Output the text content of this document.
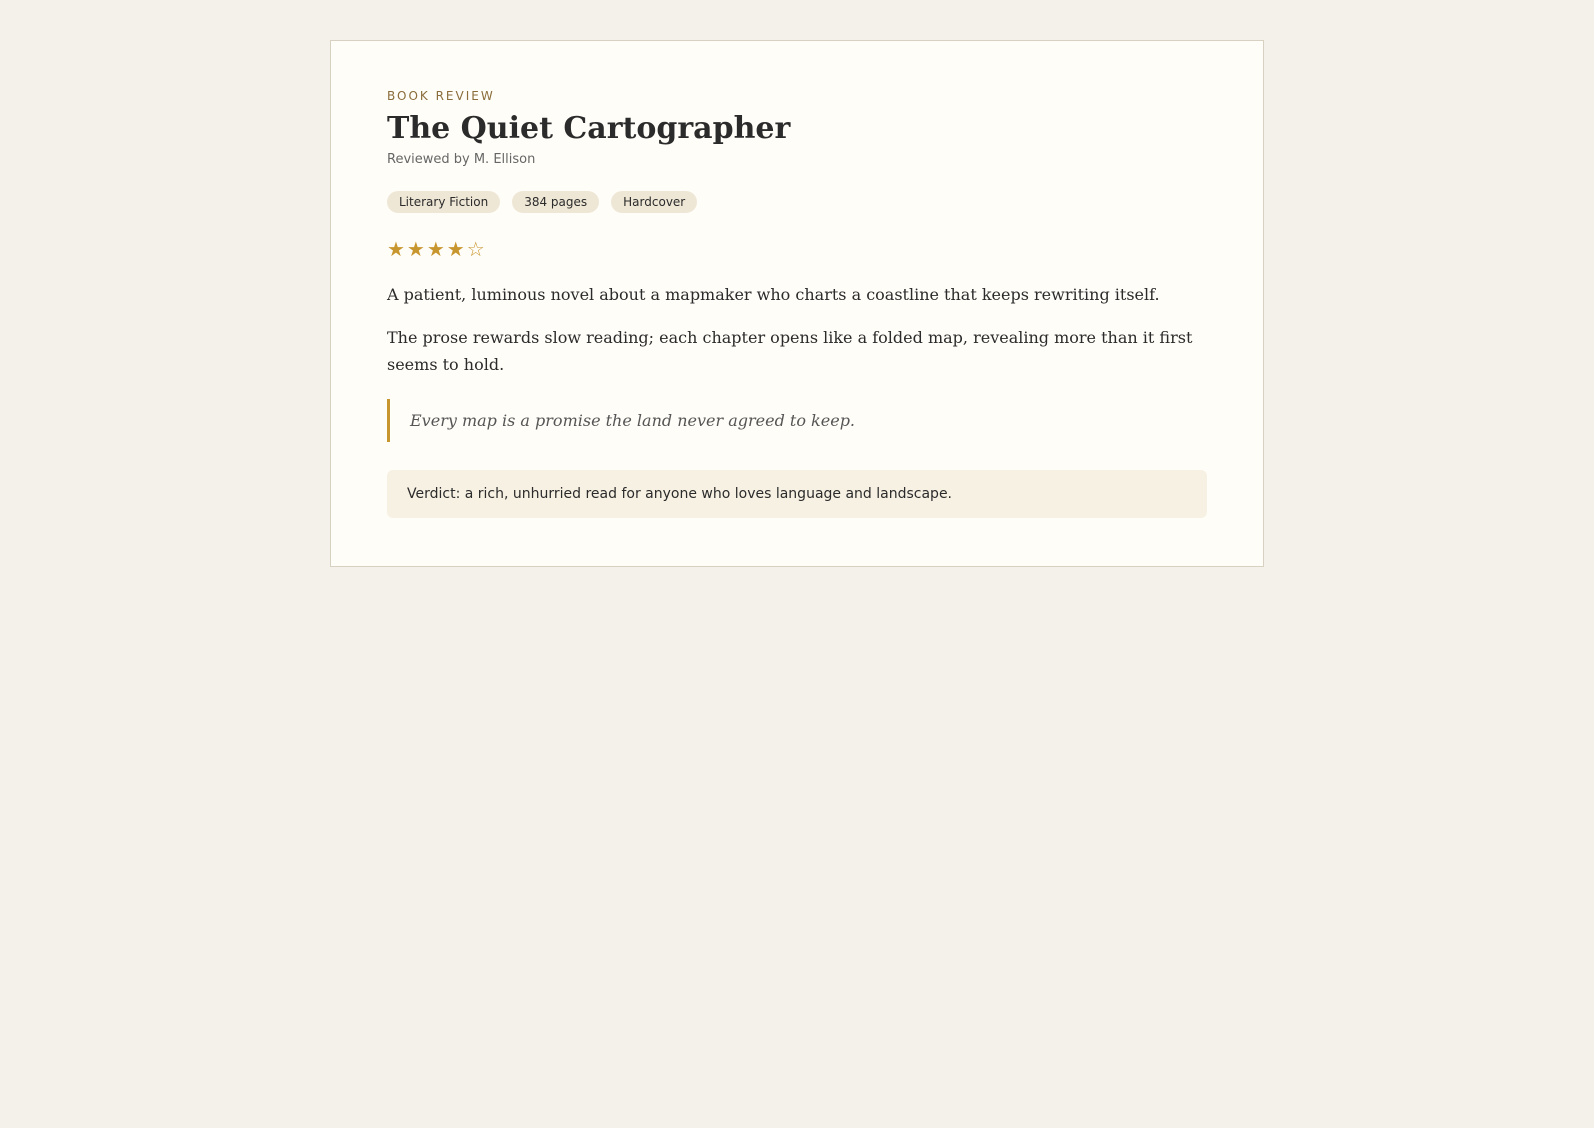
BOOK REVIEW
The Quiet Cartographer
Reviewed by M. Ellison
Literary Fiction	384 pages	Hardcover
★★★★☆

A patient, luminous novel about a mapmaker who charts a coastline that keeps rewriting itself.

The prose rewards slow reading; each chapter opens like a folded map, revealing more than it first seems to hold.

Every map is a promise the land never agreed to keep.
Verdict: a rich, unhurried read for anyone who loves language and landscape.
